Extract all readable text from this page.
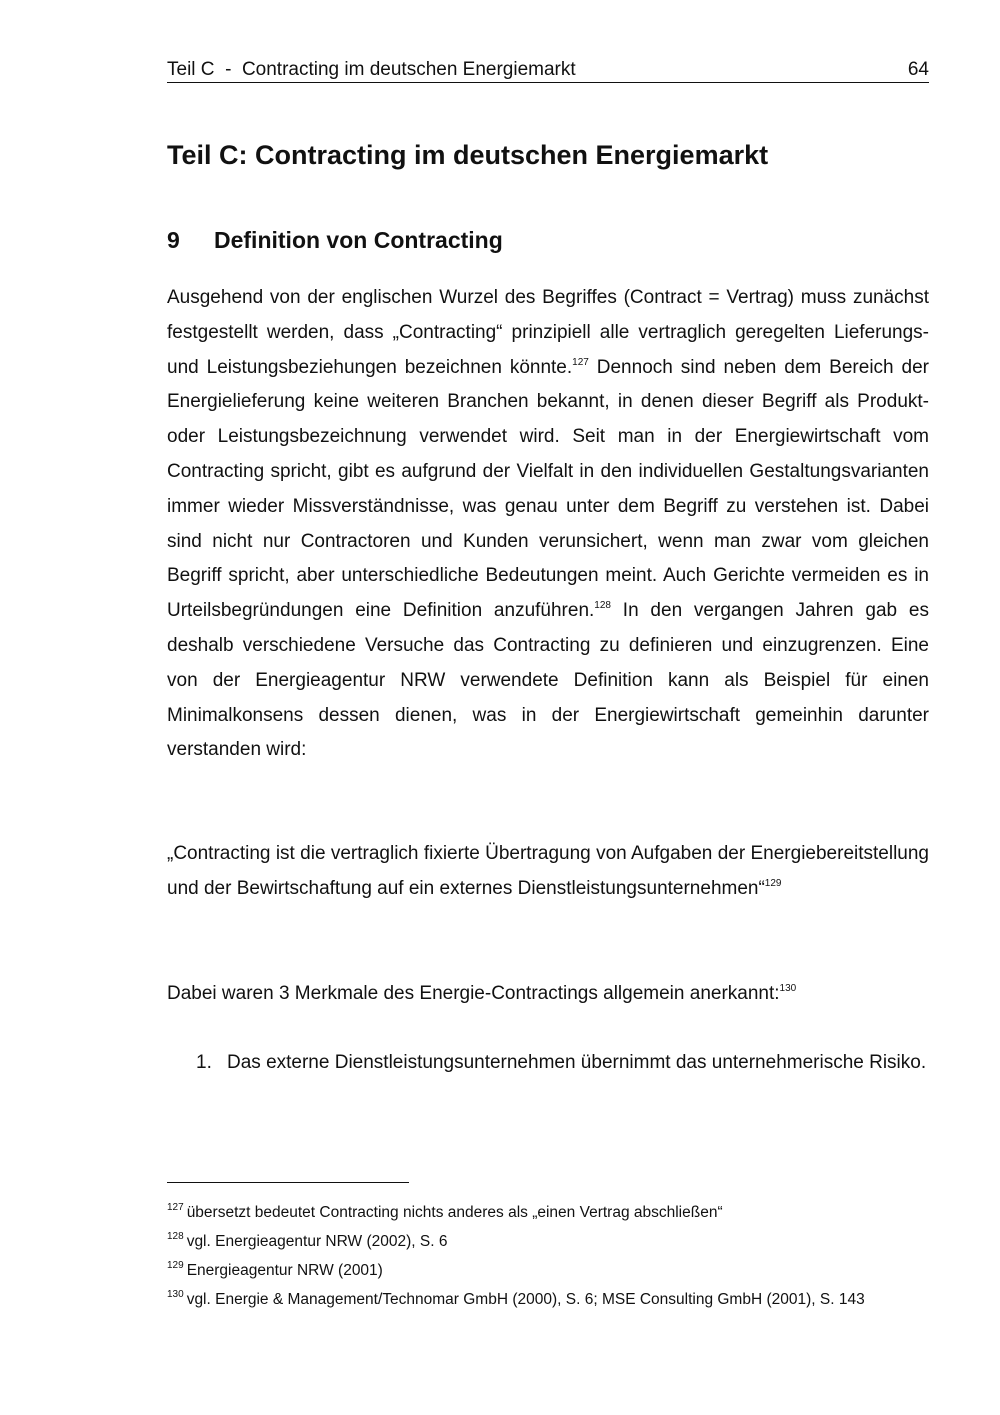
Teil C  -  Contracting im deutschen Energiemarkt	64
Teil C: Contracting im deutschen Energiemarkt
9 Definition von Contracting

Ausgehend von der englischen Wurzel des Begriffes (Contract = Vertrag) muss zunächst festgestellt werden, dass „Contracting“ prinzipiell alle vertraglich geregelten Lieferungs- und Leistungsbeziehungen bezeichnen könnte.$^{127}$ Dennoch sind neben dem Bereich der Energielieferung keine weiteren Branchen bekannt, in denen dieser Begriff als Produkt- oder Leistungsbezeichnung verwendet wird. Seit man in der Energiewirtschaft vom Contracting spricht, gibt es aufgrund der Vielfalt in den individuellen Gestaltungsvarianten immer wieder Missverständnisse, was genau unter dem Begriff zu verstehen ist. Dabei sind nicht nur Contractoren und Kunden verunsichert, wenn man zwar vom gleichen Begriff spricht, aber unterschiedliche Bedeutungen meint. Auch Gerichte vermeiden es in Urteilsbegründungen eine Definition anzuführen.$^{128}$ In den vergangen Jahren gab es deshalb verschiedene Versuche das Contracting zu definieren und einzugrenzen. Eine von der Energieagentur NRW verwendete Definition kann als Beispiel für einen Minimalkonsens dessen dienen, was in der Energiewirtschaft gemeinhin darunter verstanden wird:

„Contracting ist die vertraglich fixierte Übertragung von Aufgaben der Energiebereitstellung und der Bewirtschaftung auf ein externes Dienstleistungsunternehmen“$^{129}$

Dabei waren 3 Merkmale des Energie-Contractings allgemein anerkannt:$^{130}$

1. Das externe Dienstleistungsunternehmen übernimmt das unternehmerische Risiko.
$^{127}$ übersetzt bedeutet Contracting nichts anderes als „einen Vertrag abschließen“
$^{128}$ vgl. Energieagentur NRW (2002), S. 6
$^{129}$ Energieagentur NRW (2001)
$^{130}$ vgl. Energie & Management/Technomar GmbH (2000), S. 6; MSE Consulting GmbH (2001), S. 143
